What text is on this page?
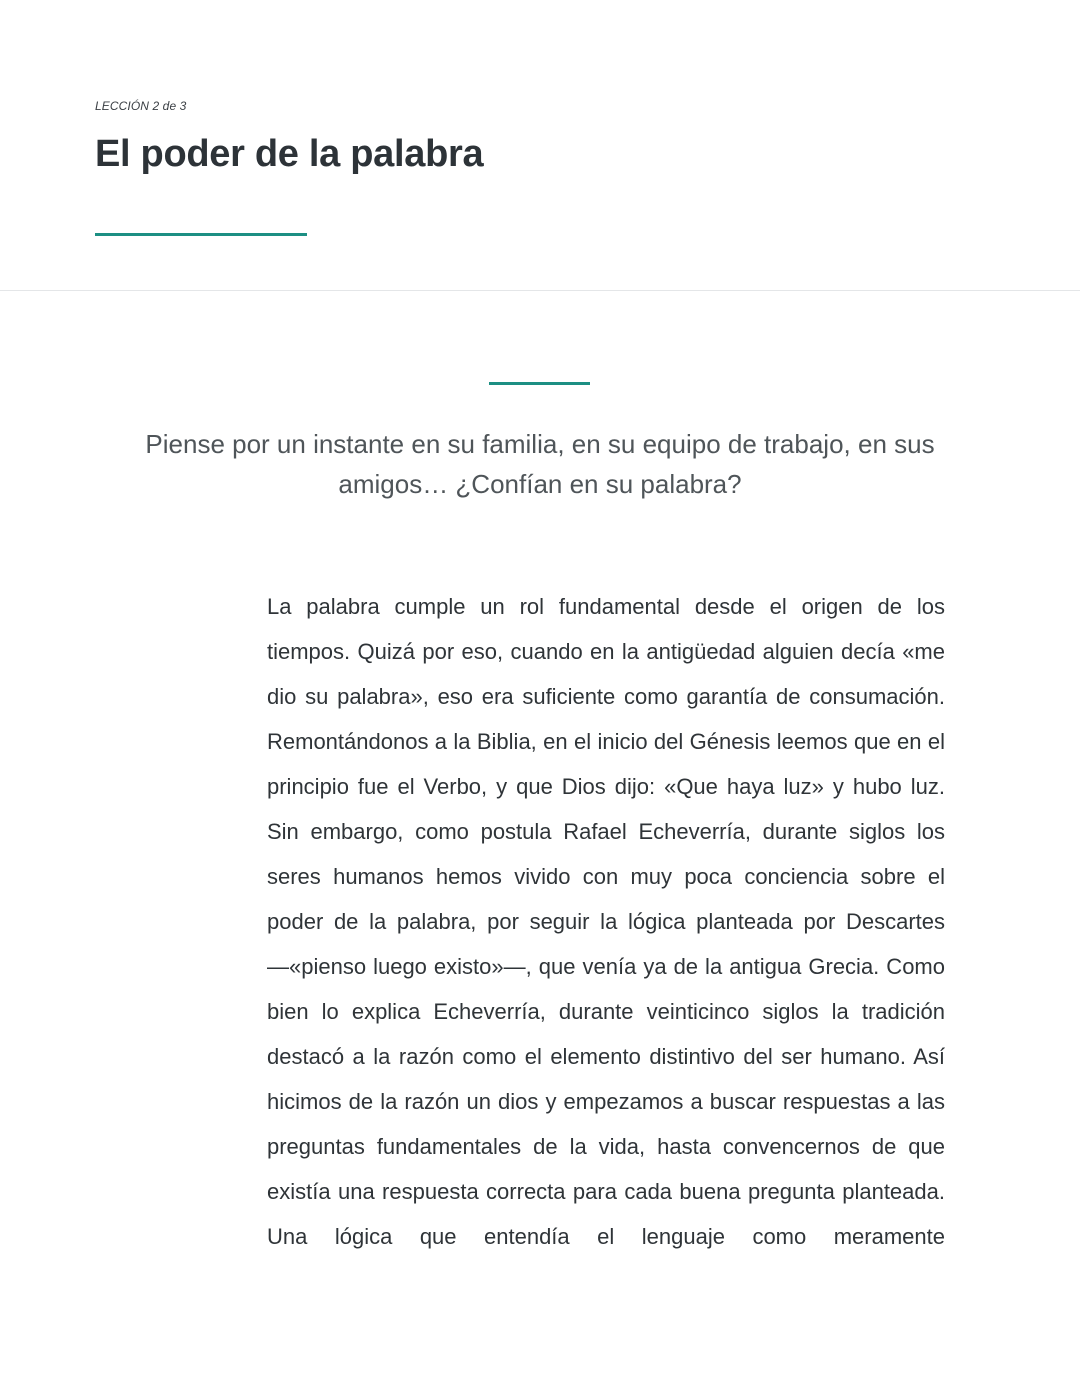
LECCIÓN 2 de 3

El poder de la palabra

Piense por un instante en su familia, en su equipo de trabajo, en sus amigos… ¿Confían en su palabra?

La palabra cumple un rol fundamental desde el origen de los tiempos. Quizá por eso, cuando en la antigüedad alguien decía «me dio su palabra», eso era suficiente como garantía de consumación. Remontándonos a la Biblia, en el inicio del Génesis leemos que en el principio fue el Verbo, y que Dios dijo: «Que haya luz» y hubo luz. Sin embargo, como postula Rafael Echeverría, durante siglos los seres humanos hemos vivido con muy poca conciencia sobre el poder de la palabra, por seguir la lógica planteada por Descartes —«pienso luego existo»—, que venía ya de la antigua Grecia. Como bien lo explica Echeverría, durante veinticinco siglos la tradición destacó a la razón como el elemento distintivo del ser humano. Así hicimos de la razón un dios y empezamos a buscar respuestas a las preguntas fundamentales de la vida, hasta convencernos de que existía una respuesta correcta para cada buena pregunta planteada. Una lógica que entendía el lenguaje como meramente
